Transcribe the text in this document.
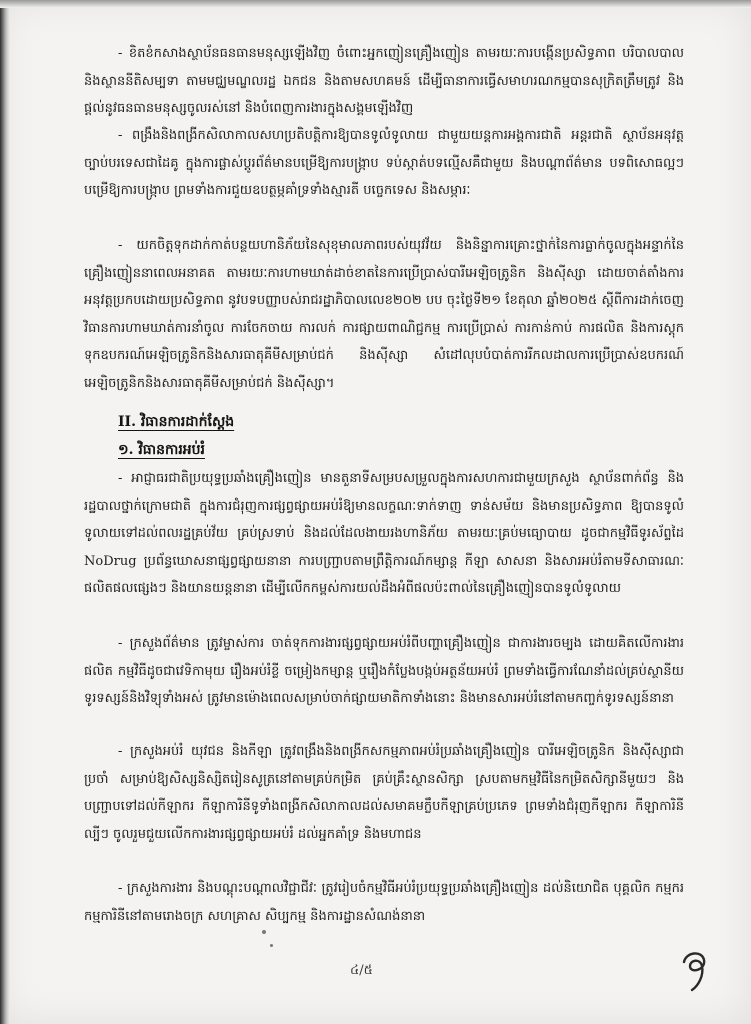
- ខិតខំកសាងស្ថាប័នធនធានមនុស្សឡើងវិញ ចំពោះអ្នកញៀនគ្រឿងញៀន តាមរយៈការបង្កើនប្រសិទ្ធភាព បរិបាលបាល និងស្ថាននីតិសម្បទា តាមមជ្ឈមណ្ឌលរដ្ឋ ឯកជន និងតាមសហគមន៍ ដើម្បីធានាការធ្វើសមាហរណកម្មបានសុក្រិតត្រឹមត្រូវ និងផ្តល់នូវធនធានមនុស្សចូលរស់នៅ និងបំពេញការងារក្នុងសង្គមឡើងវិញ

- ពង្រឹងនិងពង្រីកសិលាកាលសហប្រតិបត្តិការឱ្យបានទូលំទូលាយ ជាមួយយន្តការអង្គការជាតិ អន្តរជាតិ ស្ថាប័នអនុវត្តច្បាប់បរទេសជាដៃគូ ក្នុងការផ្លាស់ប្តូរព័ត៌មានបម្រើឱ្យការបង្ក្រាប ទប់ស្កាត់បទល្មើសគឺជាមួយ និងបណ្តាព័ត៌មាន បទពិសោធល្អៗបម្រើឱ្យការបង្ក្រាប ព្រមទាំងការជួយឧបត្ថម្ភគាំទ្រទាំងស្មារតី បច្ចេកទេស និងសម្ភារៈ

- យកចិត្តទុកដាក់កាត់បន្ថយហានិភ័យនៃសុខុមាលភាពរបស់យុវវ័យ និងនិន្នាការគ្រោះថ្នាក់នៃការធ្លាក់ចូលក្នុងអន្ទាក់នៃគ្រឿងញៀននាពេលអនាគត តាមរយៈការហាមឃាត់ដាច់ខាតនៃការប្រើប្រាស់បារីអេឡិចត្រូនិក និងស៊ីស្សា ដោយចាត់តាំងការអនុវត្តប្រកបដោយប្រសិទ្ធភាព នូវបទបញ្ញាបស់រាជរដ្ឋាភិបាលលេខ២០២ បប ចុះថ្ងៃទី២១ ខែតុលា ឆ្នាំ២០២៥ ស្តីពីការដាក់ចេញវិធានការហាមឃាត់ការនាំចូល ការចែកចាយ ការលក់ ការផ្សាយពាណិជ្ជកម្ម ការប្រើប្រាស់ ការកាន់កាប់ ការផលិត និងការស្តុកទុកឧបករណ៍អេឡិចត្រូនិកនិងសារធាតុគីមីសម្រាប់ជក់ និងស៊ីស្សា សំដៅលុបបំបាត់ការរីកលដាលការប្រើប្រាស់ឧបករណ៍អេឡិចត្រូនិកនិងសារធាតុគីមីសម្រាប់ជក់ និងស៊ីស្សា។

II. វិធានការដាក់ស្តែង
១. វិធានការអប់រំ

- អាជ្ញាធរជាតិប្រយុទ្ធប្រឆាំងគ្រឿងញៀន មានតួនាទីសម្របសម្រួលក្នុងការសហការជាមួយក្រសួង ស្ថាប័នពាក់ព័ន្ធ និងរដ្ឋបាលថ្នាក់ក្រោមជាតិ ក្នុងការជំរុញការផ្សព្វផ្សាយអប់រំឱ្យមានលក្ខណៈទាក់ទាញ ទាន់សម័យ និងមានប្រសិទ្ធភាព ឱ្យបានទូលំទូលាយទៅដល់ពលរដ្ឋគ្រប់វ័យ គ្រប់ស្រទាប់ និងដល់ដែលងាយរងហានិភ័យ តាមរយៈគ្រប់មធ្យោបាយ ដូចជាកម្មវិធីទូរស័ព្ទដៃ NoDrug ប្រព័ន្ធឃោសនាផ្សព្វផ្សាយនានា ការបញ្ជ្រាបតាមព្រឹត្តិការណ៍កម្សាន្ត កីឡា សាសនា និងសារអប់រំតាមទីសាធារណៈ ផលិតផលផ្សេងៗ និងយានយន្តនានា ដើម្បីលើកកម្ពស់ការយល់ដឹងអំពីផលប៉ះពាល់នៃគ្រឿងញៀនបានទូលំទូលាយ

- ក្រសួងព័ត៌មាន ត្រូវម្ចាស់ការ ចាត់ទុកការងារផ្សព្វផ្សាយអប់រំពីបញ្ហាគ្រឿងញៀន ជាការងារចម្បង ដោយគិតលើការងារផលិត កម្មវិធីដូចជាវេទិកាមុយ រឿងអប់រំខ្លី ចម្រៀងកម្សាន្ត ឬរឿងកំប្លែងបង្កប់អត្ថន័យអប់រំ ព្រមទាំងធ្វើការណែនាំដល់គ្រប់ស្ថានីយទូរទស្សន៍និងវិទ្យុទាំងអស់ ត្រូវមានម៉ោងពេលសម្រាប់ចាក់ផ្សាយមាតិកាទាំងនោះ និងមានសារអប់រំនៅតាមកញ្ចក់ទូរទស្សន៍នានា

- ក្រសួងអប់រំ យុវជន និងកីឡា ត្រូវពង្រឹងនិងពង្រីកសកម្មភាពអប់រំប្រឆាំងគ្រឿងញៀន បារីអេឡិចត្រូនិក និងស៊ីស្សាជាប្រចាំ សម្រាប់ឱ្យសិស្សនិស្សិតរៀនសូត្រនៅតាមគ្រប់កម្រិត គ្រប់គ្រឹះស្ថានសិក្សា ស្របតាមកម្មវិធីនៃកម្រិតសិក្សានីមួយៗ និងបញ្ជ្រាបទៅដល់កីឡាករ កីឡាការិនីទូទាំងពង្រីកសិលាកាលដល់សមាគមក្លឹបកីឡាគ្រប់ប្រភេទ ព្រមទាំងជំរុញកីឡាករ កីឡាការិនីល្បីៗ ចូលរួមជួយលើកការងារផ្សព្វផ្សាយអប់រំ ដល់អ្នកគាំទ្រ និងមហាជន

- ក្រសួងការងារ និងបណ្តុះបណ្តាលវិជ្ជាជីវៈ ត្រូវរៀបចំកម្មវិធីអប់រំប្រយុទ្ធប្រឆាំងគ្រឿងញៀន ដល់និយោជិត បុគ្គលិក កម្មករ កម្មការិនីនៅតាមរោងចក្រ សហគ្រាស សិប្បកម្ម និងការដ្ឋានសំណង់នានា

៤/៥
